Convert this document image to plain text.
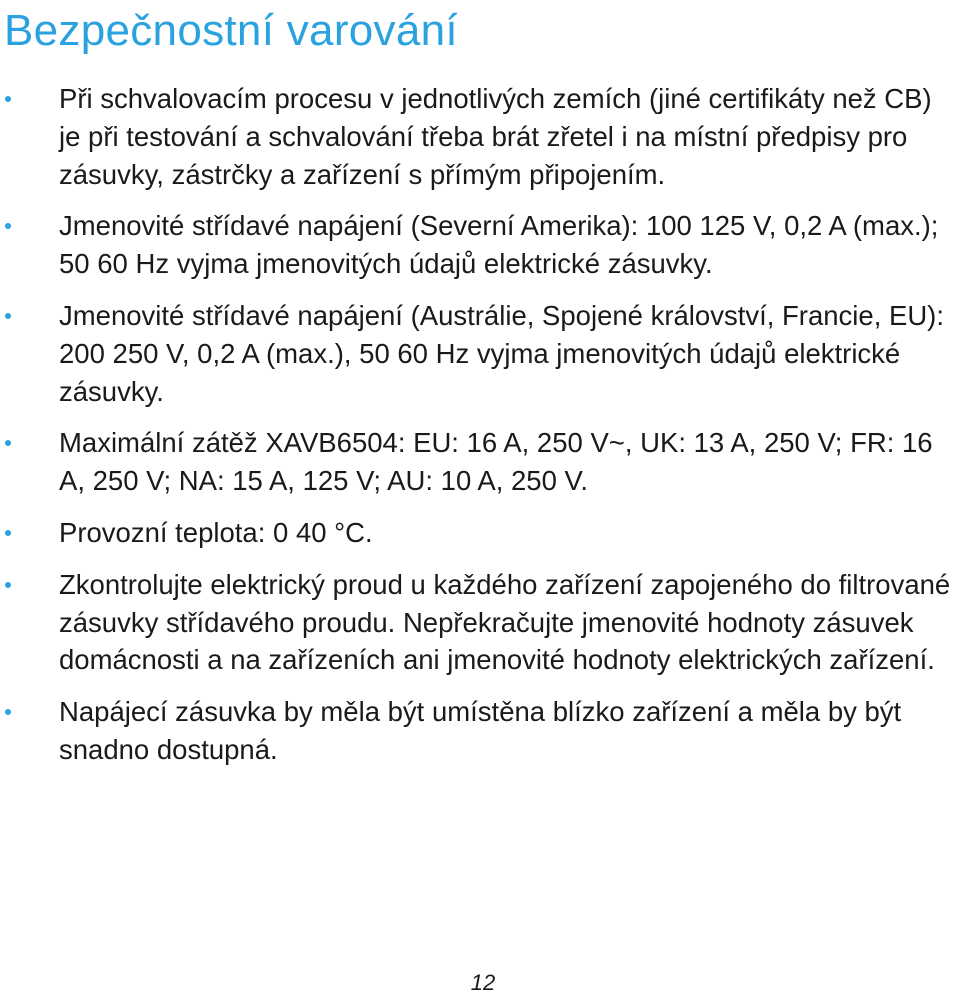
Bezpečnostní varování
Při schvalovacím procesu v jednotlivých zemích (jiné certifikáty než CB) je při testování a schvalování třeba brát zřetel i na místní předpisy pro zásuvky, zástrčky a zařízení s přímým připojením.
Jmenovité střídavé napájení (Severní Amerika): 100 125 V, 0,2 A (max.); 50 60 Hz vyjma jmenovitých údajů elektrické zásuvky.
Jmenovité střídavé napájení (Austrálie, Spojené království, Francie, EU): 200 250 V, 0,2 A (max.), 50 60 Hz vyjma jmenovitých údajů elektrické zásuvky.
Maximální zátěž XAVB6504: EU: 16 A, 250 V~, UK: 13 A, 250 V; FR: 16 A, 250 V; NA: 15 A, 125 V; AU: 10 A, 250 V.
Provozní teplota: 0 40 °C.
Zkontrolujte elektrický proud u každého zařízení zapojeného do filtrované zásuvky střídavého proudu. Nepřekračujte jmenovité hodnoty zásuvek domácnosti a na zařízeních ani jmenovité hodnoty elektrických zařízení.
Napájecí zásuvka by měla být umístěna blízko zařízení a měla by být snadno dostupná.
12
